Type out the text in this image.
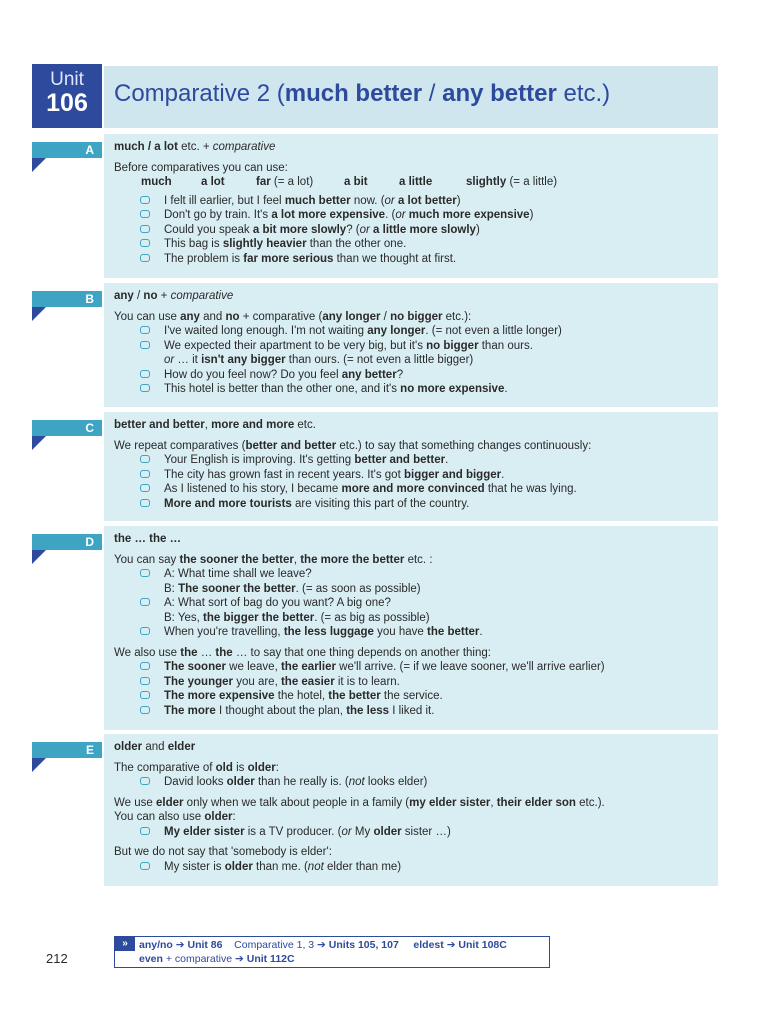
Unit
106	Comparative 2 (much better / any better etc.)
A	much / a lot etc. + comparative
Before comparatives you can use:
much	a lot	far (= a lot)	a bit	a little	slightly (= a little)
I felt ill earlier, but I feel much better now. (or a lot better)
Don't go by train. It's a lot more expensive. (or much more expensive)
Could you speak a bit more slowly? (or a little more slowly)
This bag is slightly heavier than the other one.
The problem is far more serious than we thought at first.
B	any / no + comparative
You can use any and no + comparative (any longer / no bigger etc.):
I've waited long enough. I'm not waiting any longer. (= not even a little longer)
We expected their apartment to be very big, but it's no bigger than ours.
or … it isn't any bigger than ours. (= not even a little bigger)
How do you feel now? Do you feel any better?
This hotel is better than the other one, and it's no more expensive.
C	better and better, more and more etc.
We repeat comparatives (better and better etc.) to say that something changes continuously:
Your English is improving. It's getting better and better.
The city has grown fast in recent years. It's got bigger and bigger.
As I listened to his story, I became more and more convinced that he was lying.
More and more tourists are visiting this part of the country.
D	the … the …
You can say the sooner the better, the more the better etc. :
A: What time shall we leave?
B: The sooner the better. (= as soon as possible)
A: What sort of bag do you want? A big one?
B: Yes, the bigger the better. (= as big as possible)
When you're travelling, the less luggage you have the better.
We also use the … the … to say that one thing depends on another thing:
The sooner we leave, the earlier we'll arrive. (= if we leave sooner, we'll arrive earlier)
The younger you are, the easier it is to learn.
The more expensive the hotel, the better the service.
The more I thought about the plan, the less I liked it.
E	older and elder
The comparative of old is older:
David looks older than he really is. (not looks elder)
We use elder only when we talk about people in a family (my elder sister, their elder son etc.).
You can also use older:
My elder sister is a TV producer. (or My older sister …)
But we do not say that 'somebody is elder':
My sister is older than me. (not elder than me)
212
»	any/no ➔ Unit 86 Comparative 1, 3 ➔ Units 105, 107 eldest ➔ Unit 108C
even + comparative ➔ Unit 112C
